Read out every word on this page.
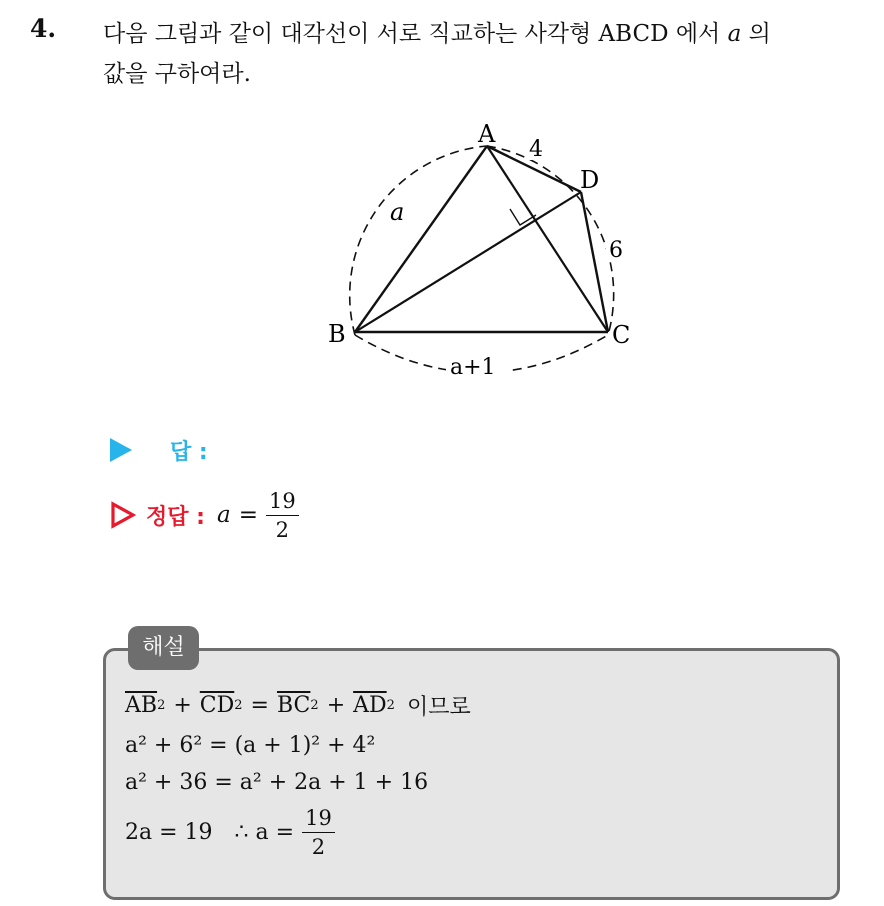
4. 다음 그림과 같이 대각선이 서로 직교하는 사각형 ABCD 에서 a 의
값을 구하여라.
A
B	C
D
a
4
6
a+1
답 :
정답 : $a = \frac{19}{2}$
해설
$\overline{AB}$ $2 + \overline{CD}$ $2 = \overline{BC}$ $2 + \overline{AD}$ 2 이므로
a² + 6² = (a + 1)² + 4²
a² + 36 = a² + 2a + 1 + 16
2a = 19 ∴ $a = \frac{19}{2}$
